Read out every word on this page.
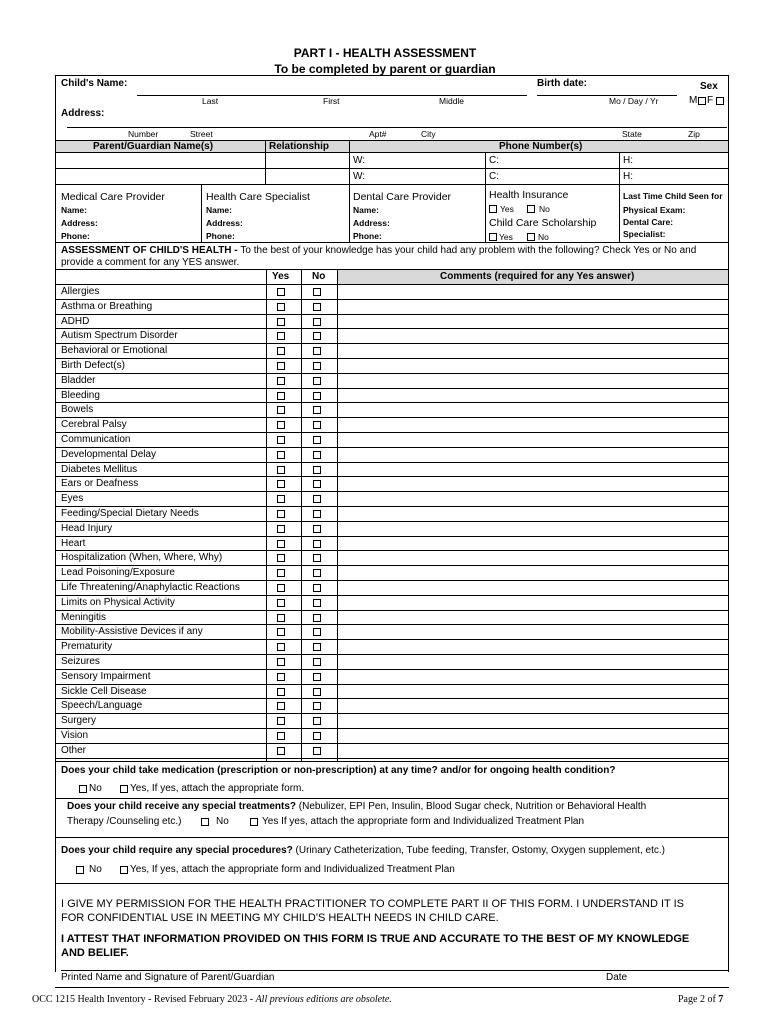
PART I - HEALTH ASSESSMENT
To be completed by parent or guardian
Child's Name:	Birth date:	Sex
Last	First	Middle	Mo / Day / Yr	M F
Address:
Number	Street	Apt#	City	State	Zip
Parent/Guardian Name(s)	Relationship	Phone Number(s)
W:	C:	H:
W:	C:	H:
Medical Care Provider
Name:
Address:
Phone:
Health Care Specialist
Name:
Address:
Phone:
Dental Care Provider
Name:
Address:
Phone:
Health Insurance
Yes	No
Child Care Scholarship
Yes	No
Last Time Child Seen for
Physical Exam:
Dental Care:
Specialist:
ASSESSMENT OF CHILD'S HEALTH - To the best of your knowledge has your child had any problem with the following? Check Yes or No and provide a comment for any YES answer.
Yes No	Comments (required for any Yes answer)
Allergies
Asthma or Breathing
ADHD
Autism Spectrum Disorder
Behavioral or Emotional
Birth Defect(s)
Bladder
Bleeding
Bowels
Cerebral Palsy
Communication
Developmental Delay
Diabetes Mellitus
Ears or Deafness
Eyes
Feeding/Special Dietary Needs
Head Injury
Heart
Hospitalization (When, Where, Why)
Lead Poisoning/Exposure
Life Threatening/Anaphylactic Reactions
Limits on Physical Activity
Meningitis
Mobility-Assistive Devices if any
Prematurity
Seizures
Sensory Impairment
Sickle Cell Disease
Speech/Language
Surgery
Vision
Other
Does your child take medication (prescription or non-prescription) at any time? and/or for ongoing health condition?
No	Yes, If yes, attach the appropriate form.
Does your child receive any special treatments? (Nebulizer, EPI Pen, Insulin, Blood Sugar check, Nutrition or Behavioral Health
Therapy /Counseling etc.)	No	Yes If yes, attach the appropriate form and Individualized Treatment Plan
Does your child require any special procedures? (Urinary Catheterization, Tube feeding, Transfer, Ostomy, Oxygen supplement, etc.)
No	Yes, If yes, attach the appropriate form and Individualized Treatment Plan
I GIVE MY PERMISSION FOR THE HEALTH PRACTITIONER TO COMPLETE PART II OF THIS FORM. I UNDERSTAND IT IS
FOR CONFIDENTIAL USE IN MEETING MY CHILD'S HEALTH NEEDS IN CHILD CARE.
I ATTEST THAT INFORMATION PROVIDED ON THIS FORM IS TRUE AND ACCURATE TO THE BEST OF MY KNOWLEDGE
AND BELIEF.
Printed Name and Signature of Parent/Guardian	Date
OCC 1215 Health Inventory - Revised February 2023 - All previous editions are obsolete.	Page 2 of 7
